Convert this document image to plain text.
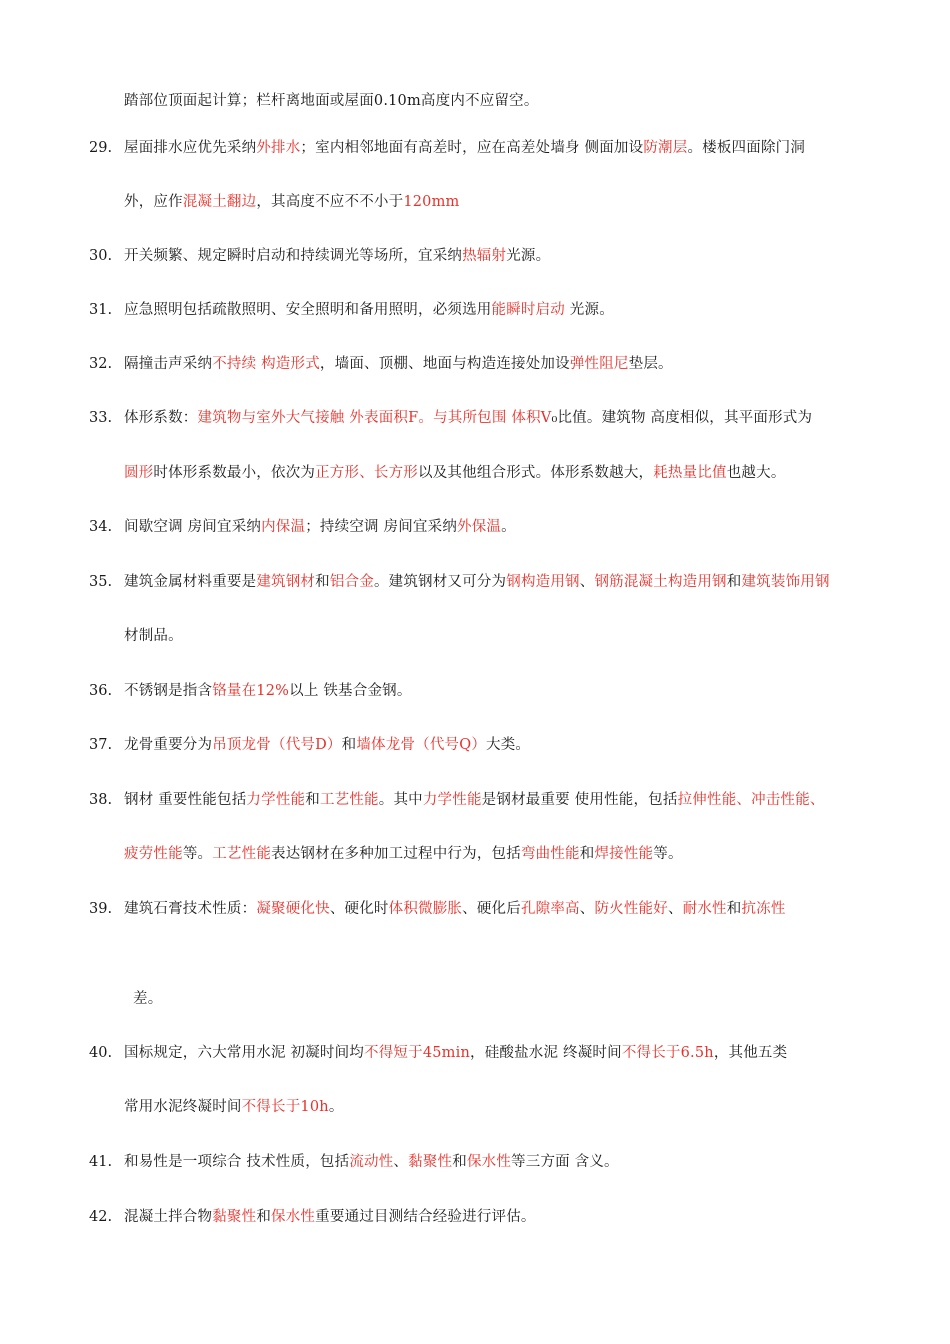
踏部位顶面起计算；栏杆离地面或屋面0.10m高度内不应留空。
29. 屋面排水应优先采纳外排水；室内相邻地面有高差时，应在高差处墙身 侧面加设防潮层。楼板四面除门洞
外，应作混凝土翻边，其高度不应不不小于120mm
30. 开关频繁、规定瞬时启动和持续调光等场所，宜采纳热辐射光源。
31. 应急照明包括疏散照明、安全照明和备用照明，必须选用能瞬时启动 光源。
32. 隔撞击声采纳不持续 构造形式，墙面、顶棚、地面与构造连接处加设弹性阻尼垫层。
33. 体形系数：建筑物与室外大气接触 外表面积F。与其所包围 体积V₀比值。建筑物 高度相似，其平面形式为
圆形时体形系数最小，依次为正方形、长方形以及其他组合形式。体形系数越大，耗热量比值也越大。
34. 间歇空调 房间宜采纳内保温；持续空调 房间宜采纳外保温。
35. 建筑金属材料重要是建筑钢材和铝合金。建筑钢材又可分为钢构造用钢、钢筋混凝土构造用钢和建筑装饰用钢
材制品。
36. 不锈钢是指含铬量在12%以上 铁基合金钢。
37. 龙骨重要分为吊顶龙骨（代号D）和墙体龙骨（代号Q）大类。
38. 钢材 重要性能包括力学性能和工艺性能。其中力学性能是钢材最重要 使用性能，包括拉伸性能、冲击性能、
疲劳性能等。工艺性能表达钢材在多种加工过程中行为，包括弯曲性能和焊接性能等。
39. 建筑石膏技术性质：凝聚硬化快、硬化时体积微膨胀、硬化后孔隙率高、防火性能好、耐水性和抗冻性
差。
40. 国标规定，六大常用水泥 初凝时间均不得短于45min，硅酸盐水泥 终凝时间不得长于6.5h，其他五类
常用水泥终凝时间不得长于10h。
41. 和易性是一项综合 技术性质，包括流动性、黏聚性和保水性等三方面 含义。
42. 混凝土拌合物黏聚性和保水性重要通过目测结合经验进行评估。
